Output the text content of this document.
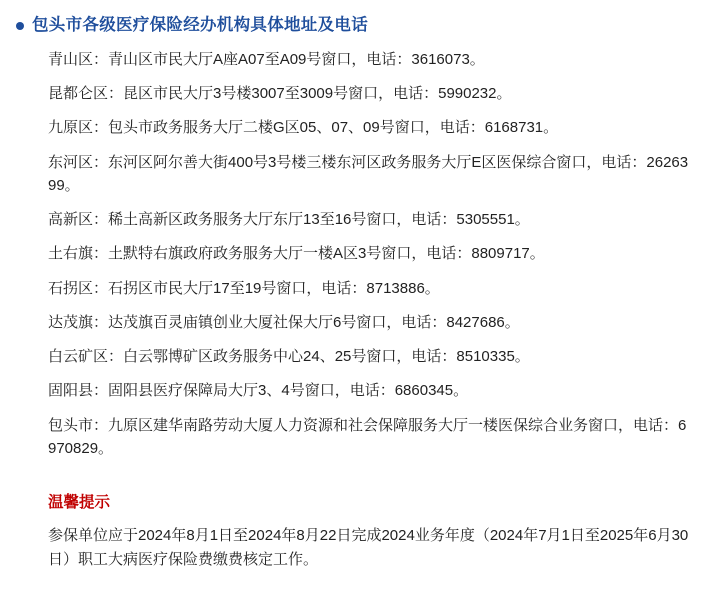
包头市各级医疗保险经办机构具体地址及电话

青山区：青山区市民大厅A座A07至A09号窗口，电话：3616073。

昆都仑区：昆区市民大厅3号楼3007至3009号窗口，电话：5990232。

九原区：包头市政务服务大厅二楼G区05、07、09号窗口，电话：6168731。

东河区：东河区阿尔善大街400号3号楼三楼东河区政务服务大厅E区医保综合窗口，电话：2626399。

高新区：稀土高新区政务服务大厅东厅13至16号窗口，电话：5305551。

土右旗：土默特右旗政府政务服务大厅一楼A区3号窗口，电话：8809717。

石拐区：石拐区市民大厅17至19号窗口，电话：8713886。

达茂旗：达茂旗百灵庙镇创业大厦社保大厅6号窗口，电话：8427686。

白云矿区：白云鄂博矿区政务服务中心24、25号窗口，电话：8510335。

固阳县：固阳县医疗保障局大厅3、4号窗口，电话：6860345。

包头市：九原区建华南路劳动大厦人力资源和社会保障服务大厅一楼医保综合业务窗口，电话：6970829。

温馨提示

参保单位应于2024年8月1日至2024年8月22日完成2024业务年度（2024年7月1日至2025年6月30日）职工大病医疗保险费缴费核定工作。
